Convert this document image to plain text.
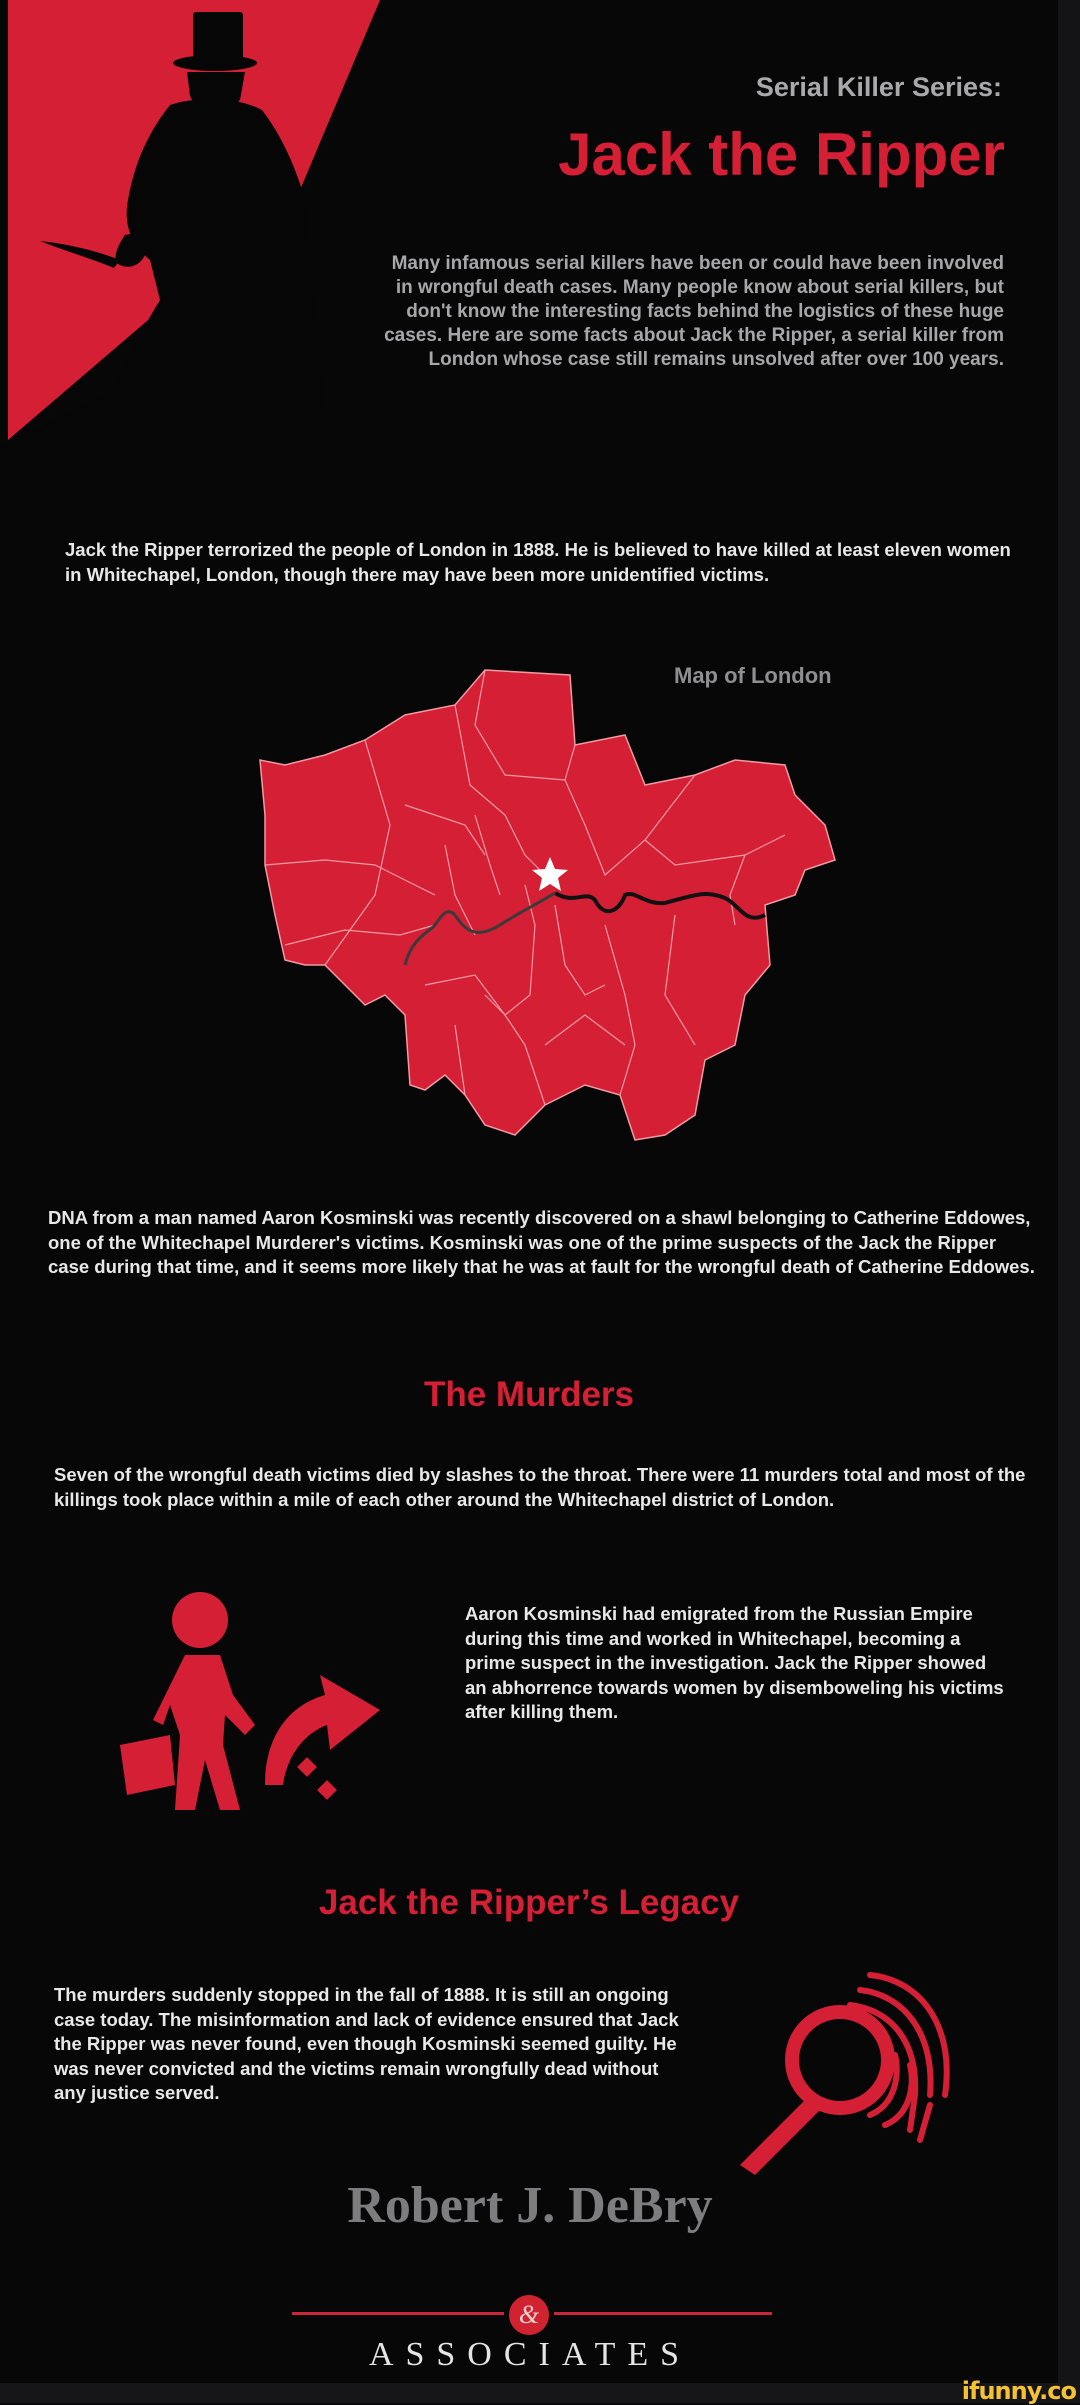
Serial Killer Series:
Jack the Ripper
Many infamous serial killers have been or could have been involved in wrongful death cases. Many people know about serial killers, but don't know the interesting facts behind the logistics of these huge cases. Here are some facts about Jack the Ripper, a serial killer from London whose case still remains unsolved after over 100 years.
Jack the Ripper terrorized the people of London in 1888. He is believed to have killed at least eleven women in Whitechapel, London, though there may have been more unidentified victims.
Map of London
DNA from a man named Aaron Kosminski was recently discovered on a shawl belonging to Catherine Eddowes, one of the Whitechapel Murderer's victims. Kosminski was one of the prime suspects of the Jack the Ripper case during that time, and it seems more likely that he was at fault for the wrongful death of Catherine Eddowes.
The Murders
Seven of the wrongful death victims died by slashes to the throat. There were 11 murders total and most of the killings took place within a mile of each other around the Whitechapel district of London.
Aaron Kosminski had emigrated from the Russian Empire during this time and worked in Whitechapel, becoming a prime suspect in the investigation. Jack the Ripper showed an abhorrence towards women by disemboweling his victims after killing them.
Jack the Ripper’s Legacy
The murders suddenly stopped in the fall of 1888. It is still an ongoing case today. The misinformation and lack of evidence ensured that Jack the Ripper was never found, even though Kosminski seemed guilty. He was never convicted and the victims remain wrongfully dead without any justice served.
Robert J. DeBry
&
ASSOCIATES
ifunny.co
